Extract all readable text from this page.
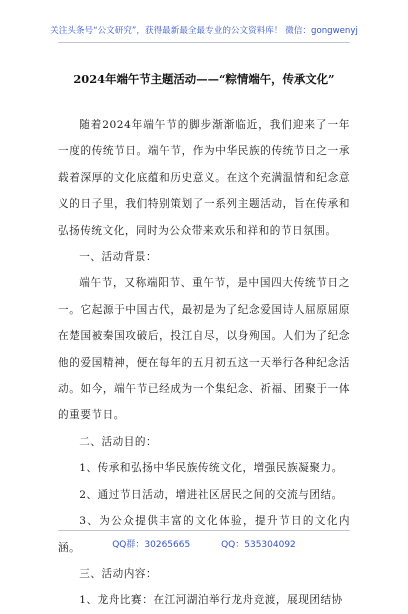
关注头条号“公文研究”，获得最新最全最专业的公文资料库！ 微信：gongwenyj
2024年端午节主题活动——“粽情端午，传承文化”

随着2024年端午节的脚步渐渐临近，我们迎来了一年一度的传统节日。端午节，作为中华民族的传统节日之一承载着深厚的文化底蕴和历史意义。在这个充满温情和纪念意义的日子里，我们特别策划了一系列主题活动，旨在传承和弘扬传统文化，同时为公众带来欢乐和祥和的节日氛围。

一、活动背景：

端午节，又称端阳节、重午节，是中国四大传统节日之一。它起源于中国古代，最初是为了纪念爱国诗人屈原屈原在楚国被秦国攻破后，投江自尽，以身殉国。人们为了纪念他的爱国精神，便在每年的五月初五这一天举行各种纪念活动。如今，端午节已经成为一个集纪念、祈福、团聚于一体的重要节日。

二、活动目的：

1、传承和弘扬中华民族传统文化，增强民族凝聚力。

2、通过节日活动，增进社区居民之间的交流与团结。

3、为公众提供丰富的文化体验，提升节日的文化内涵。

三、活动内容：

1、龙舟比赛：在江河湖泊举行龙舟竞渡，展现团结协

QQ群：30265665	QQ：535304092
